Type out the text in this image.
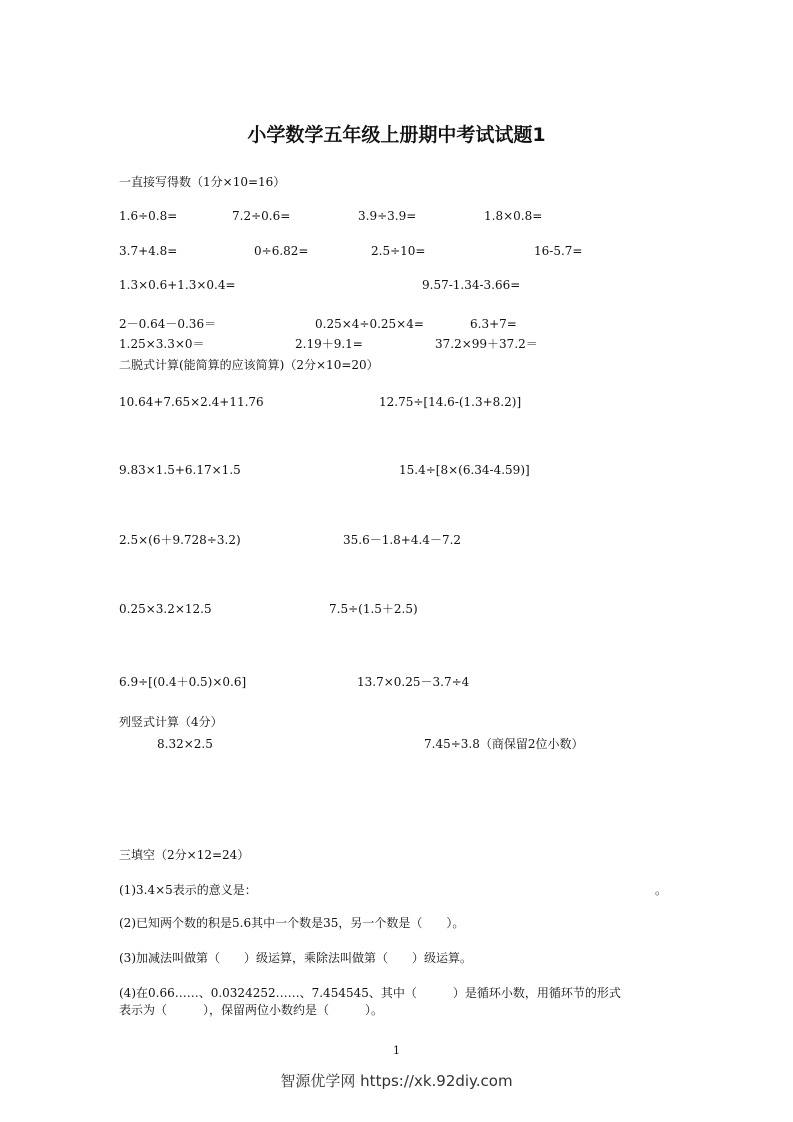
小学数学五年级上册期中考试试题1
一直接写得数（1分×10=16）
1.6÷0.8=	7.2÷0.6=	3.9÷3.9=	1.8×0.8=
3.7+4.8=	0÷6.82=	2.5÷10=	16-5.7=
1.3×0.6+1.3×0.4=	9.57-1.34-3.66=
2－0.64－0.36＝	0.25×4÷0.25×4=	6.3+7=
1.25×3.3×0＝	2.19＋9.1=	37.2×99＋37.2＝
二脱式计算(能简算的应该简算)（2分×10=20）
10.64+7.65×2.4+11.76	12.75÷[14.6-(1.3+8.2)]
9.83×1.5+6.17×1.5	15.4÷[8×(6.34-4.59)]
2.5×(6＋9.728÷3.2)	35.6－1.8+4.4－7.2
0.25×3.2×12.5	7.5÷(1.5＋2.5)
6.9÷[(0.4＋0.5)×0.6]	13.7×0.25－3.7÷4
列竖式计算（4分）
8.32×2.5	7.45÷3.8（商保留2位小数）
三填空（2分×12=24）
(1)3.4×5表示的意义是：	。
(2)已知两个数的积是5.6其中一个数是35，另一个数是（　　）。
(3)加减法叫做第（　　）级运算，乘除法叫做第（　　）级运算。
(4)在0.66……、0.0324252……、7.454545、其中（　　　）是循环小数，用循环节的形式
表示为（　　　），保留两位小数约是（　　　）。
1
智源优学网 https://xk.92diy.com
